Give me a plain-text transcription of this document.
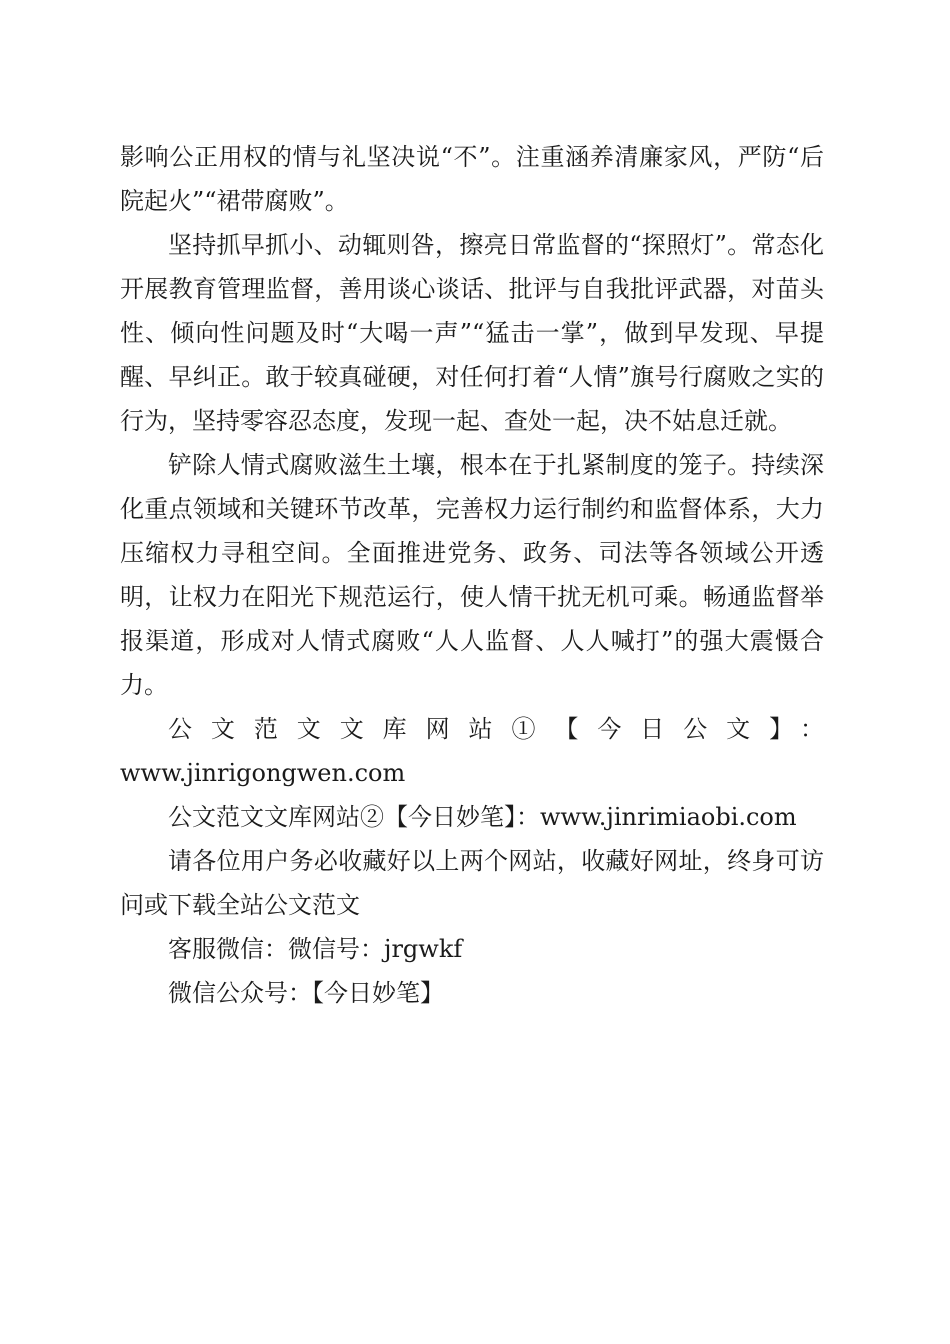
影响公正用权的情与礼坚决说“不”。注重涵养清廉家风，严防“后院起火”“裙带腐败”。

坚持抓早抓小、动辄则咎，擦亮日常监督的“探照灯”。常态化开展教育管理监督，善用谈心谈话、批评与自我批评武器，对苗头性、倾向性问题及时“大喝一声”“猛击一掌”，做到早发现、早提醒、早纠正。敢于较真碰硬，对任何打着“人情”旗号行腐败之实的行为，坚持零容忍态度，发现一起、查处一起，决不姑息迁就。

铲除人情式腐败滋生土壤，根本在于扎紧制度的笼子。持续深化重点领域和关键环节改革，完善权力运行制约和监督体系，大力压缩权力寻租空间。全面推进党务、政务、司法等各领域公开透明，让权力在阳光下规范运行，使人情干扰无机可乘。畅通监督举报渠道，形成对人情式腐败“人人监督、人人喊打”的强大震慑合力。

公文范文文库网站①【今日公文】：

www.jinrigongwen.com

公文范文文库网站②【今日妙笔】：www.jinrimiaobi.com

请各位用户务必收藏好以上两个网站，收藏好网址，终身可访问或下载全站公文范文

客服微信：微信号：jrgwkf

微信公众号：【今日妙笔】
